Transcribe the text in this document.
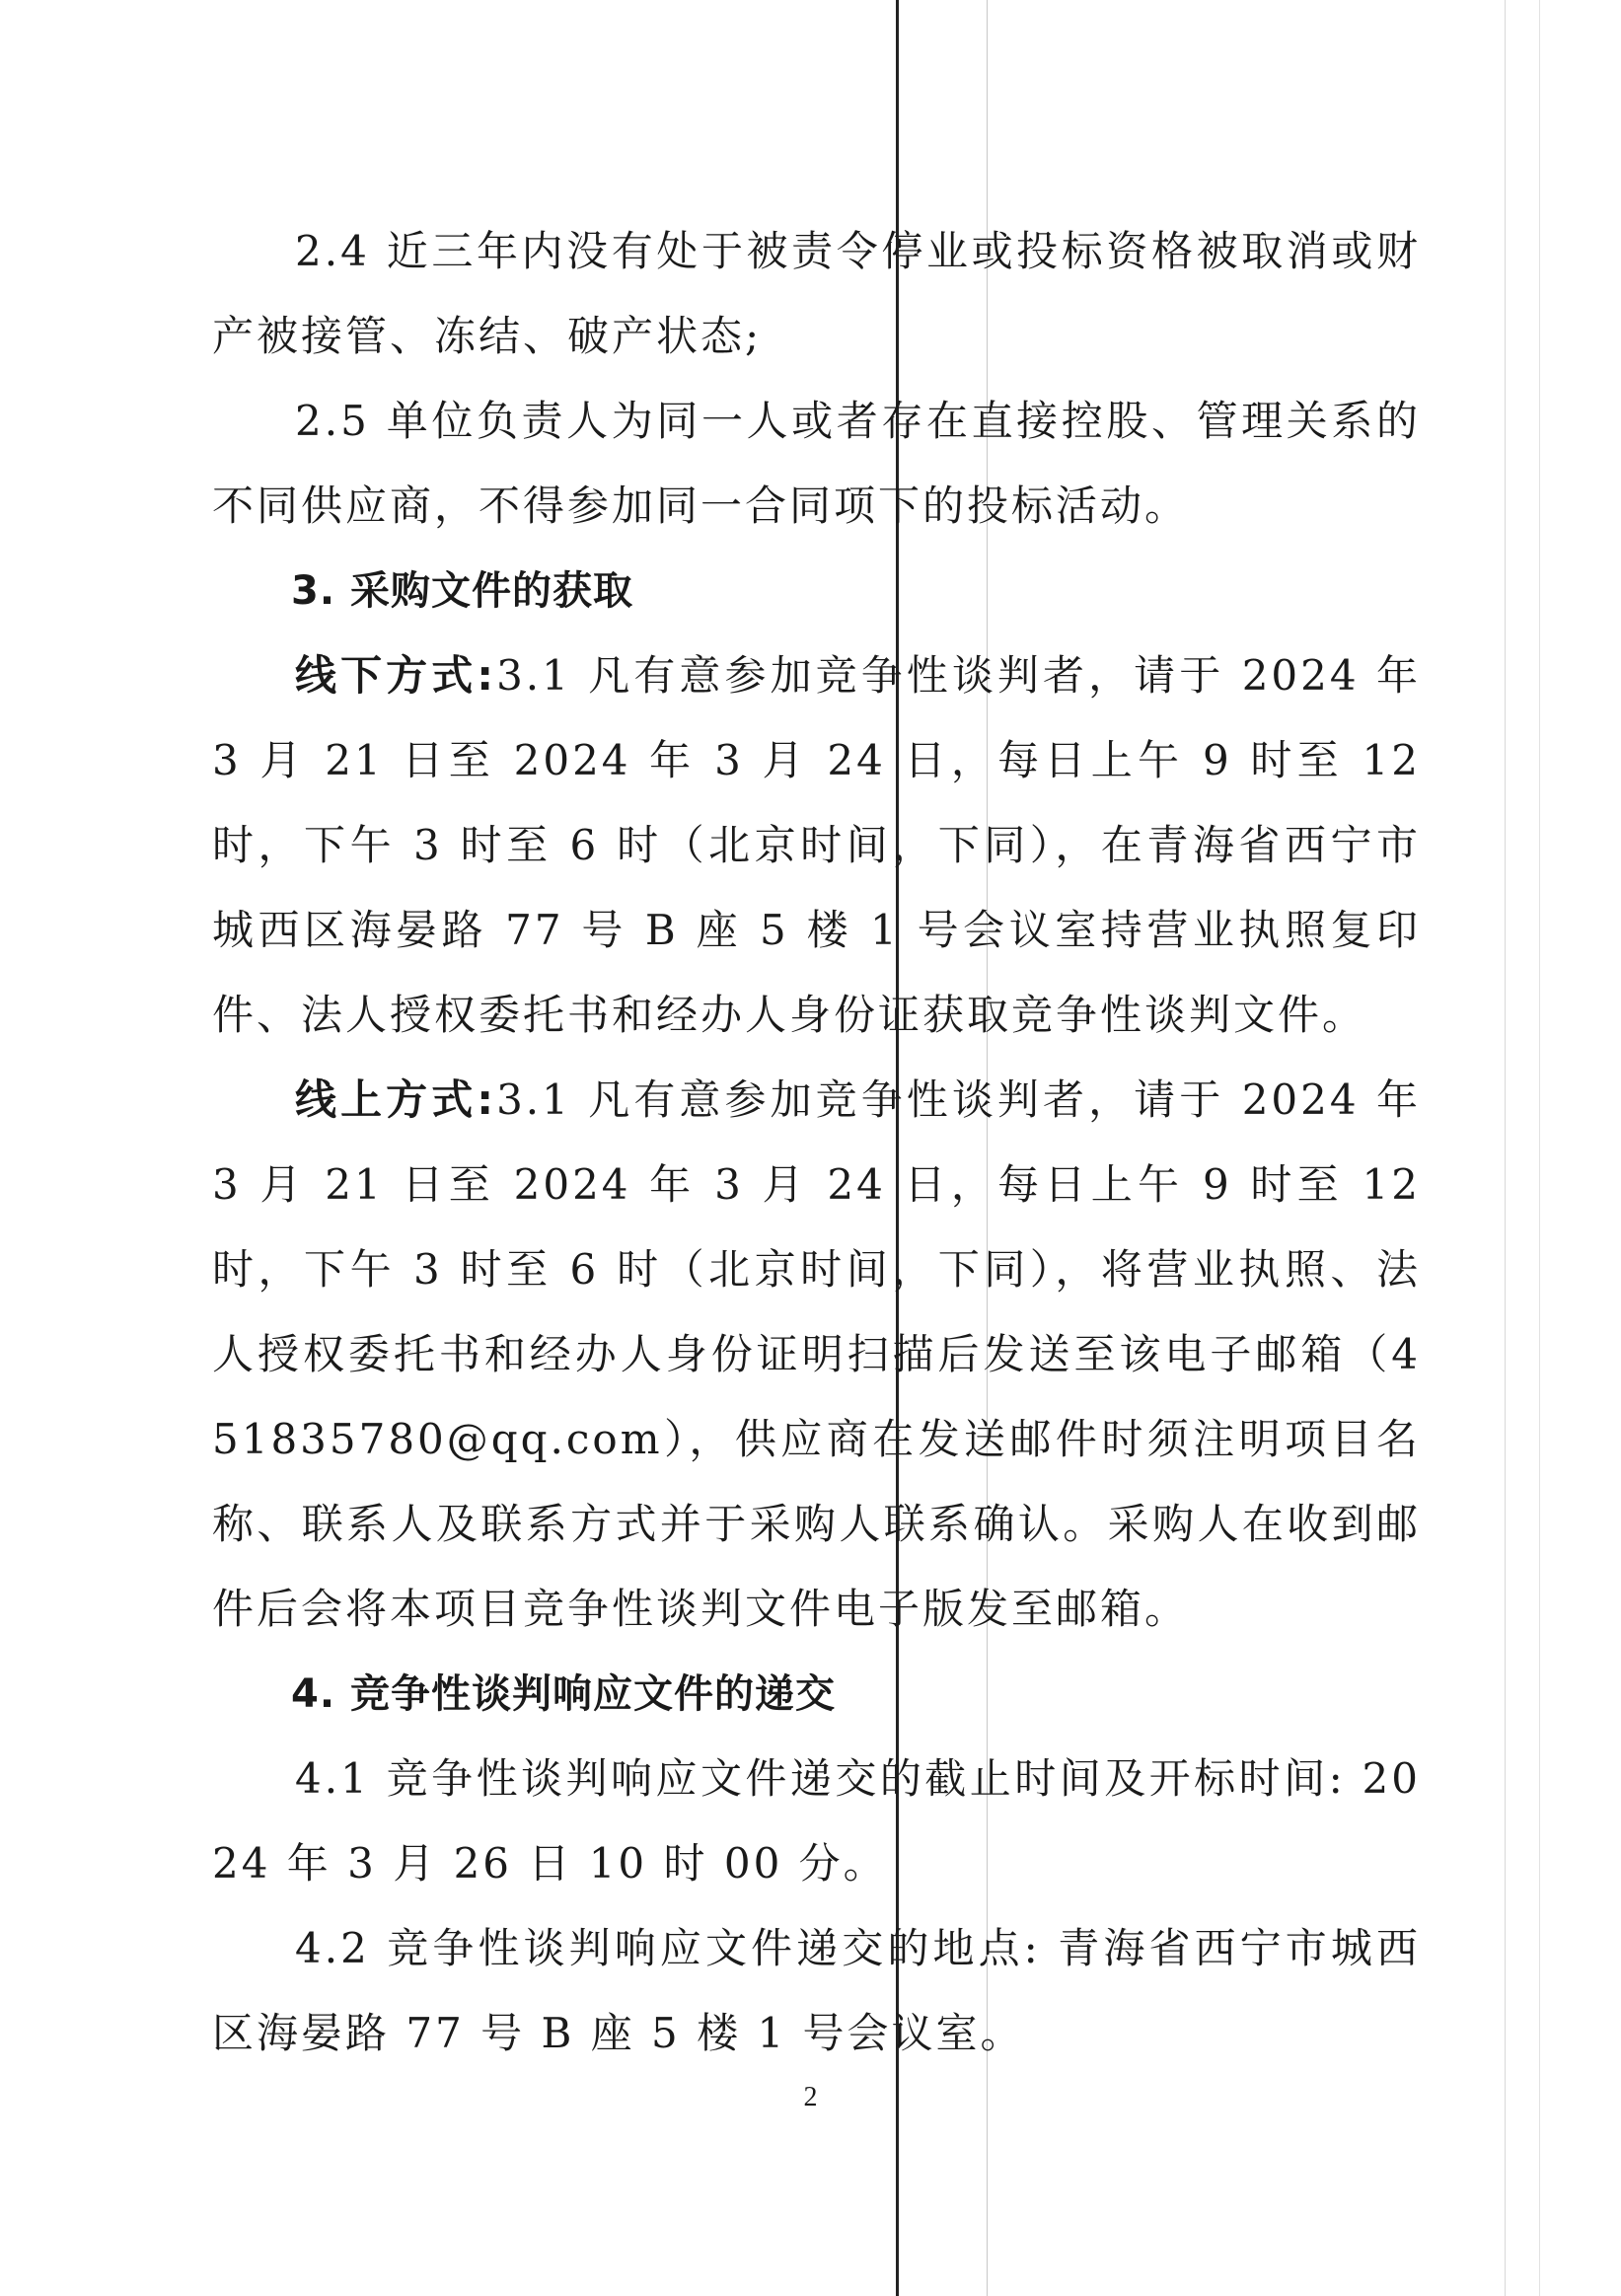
2.4 近三年内没有处于被责令停业或投标资格被取消或财产被接管、冻结、破产状态;

2.5 单位负责人为同一人或者存在直接控股、管理关系的不同供应商，不得参加同一合同项下的投标活动。

3. 采购文件的获取

线下方式:3.1 凡有意参加竞争性谈判者，请于 2024 年 3 月 21 日至 2024 年 3 月 24 日，每日上午 9 时至 12 时，下午 3 时至 6 时（北京时间，下同），在青海省西宁市城西区海晏路 77 号 B 座 5 楼 1 号会议室持营业执照复印件、法人授权委托书和经办人身份证获取竞争性谈判文件。

线上方式:3.1 凡有意参加竞争性谈判者，请于 2024 年 3 月 21 日至 2024 年 3 月 24 日，每日上午 9 时至 12 时，下午 3 时至 6 时（北京时间，下同），将营业执照、法人授权委托书和经办人身份证明扫描后发送至该电子邮箱（451835780@qq.com），供应商在发送邮件时须注明项目名称、联系人及联系方式并于采购人联系确认。采购人在收到邮件后会将本项目竞争性谈判文件电子版发至邮箱。

4. 竞争性谈判响应文件的递交

4.1 竞争性谈判响应文件递交的截止时间及开标时间: 2024 年 3 月 26 日 10 时 00 分。

4.2 竞争性谈判响应文件递交的地点: 青海省西宁市城西区海晏路 77 号 B 座 5 楼 1 号会议室。

2
